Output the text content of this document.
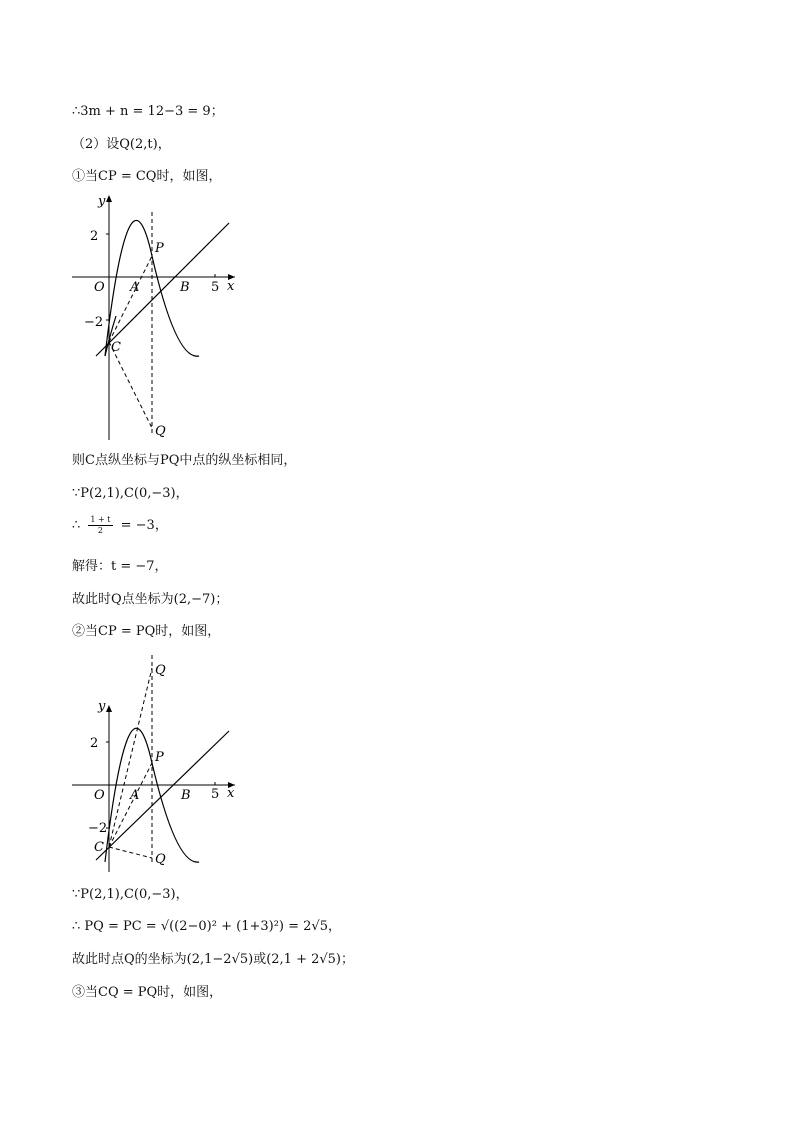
∴3m + n = 12−3 = 9；
（2）设Q(2,t)，
①当CP = CQ时，如图，
y
2
−2
O A	B 5 x
P
C
Q
则C点纵坐标与PQ中点的纵坐标相同，
∵P(2,1),C(0,−3)，
∴ $\frac{1 + t}{2} = -3$，
解得：t = −7，
故此时Q点坐标为(2,−7)；
②当CP = PQ时，如图，
Q
y
2
P
O A	B 5 x
−2
C
Q
∵P(2,1),C(0,−3)，
∴ PQ = PC = √((2−0)² + (1+3)²) = 2√5，
故此时点Q的坐标为(2,1−2√5)或(2,1 + 2√5)；
③当CQ = PQ时，如图，
